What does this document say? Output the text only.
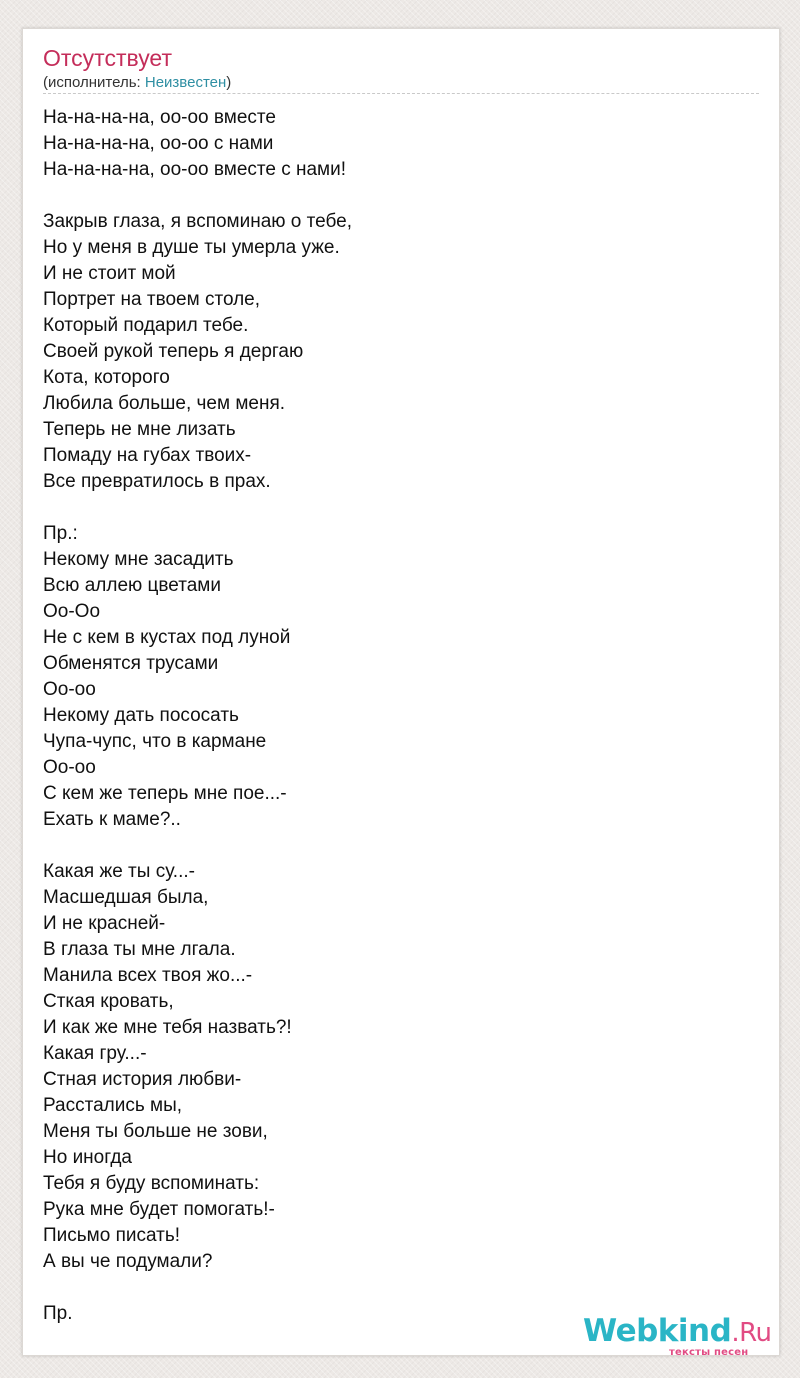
Отсутствует
(исполнитель: Неизвестен)
На-на-на-на, оо-оо вместе
На-на-на-на, оо-оо с нами
На-на-на-на, оо-оо вместе с нами!
Закрыв глаза, я вспоминаю о тебе,
Но у меня в душе ты умерла уже.
И не стоит мой
Портрет на твоем столе,
Который подарил тебе.
Своей рукой теперь я дергаю
Кота, которого
Любила больше, чем меня.
Теперь не мне лизать
Помаду на губах твоих-
Все превратилось в прах.
Пр.:
Некому мне засадить
Всю аллею цветами
Оо-Оо
Не с кем в кустах под луной
Обменятся трусами
Оо-оо
Некому дать пососать
Чупа-чупс, что в кармане
Оо-оо
С кем же теперь мне пое...-
Ехать к маме?..
Какая же ты су...-
Масшедшая была,
И не красней-
В глаза ты мне лгала.
Манила всех твоя жо...-
Сткая кровать,
И как же мне тебя назвать?!
Какая гру...-
Стная история любви-
Расстались мы,
Меня ты больше не зови,
Но иногда
Тебя я буду вспоминать:
Рука мне будет помогать!-
Письмо писать!
А вы че подумали?
Пр.	Webkind.Ru
тексты песен
